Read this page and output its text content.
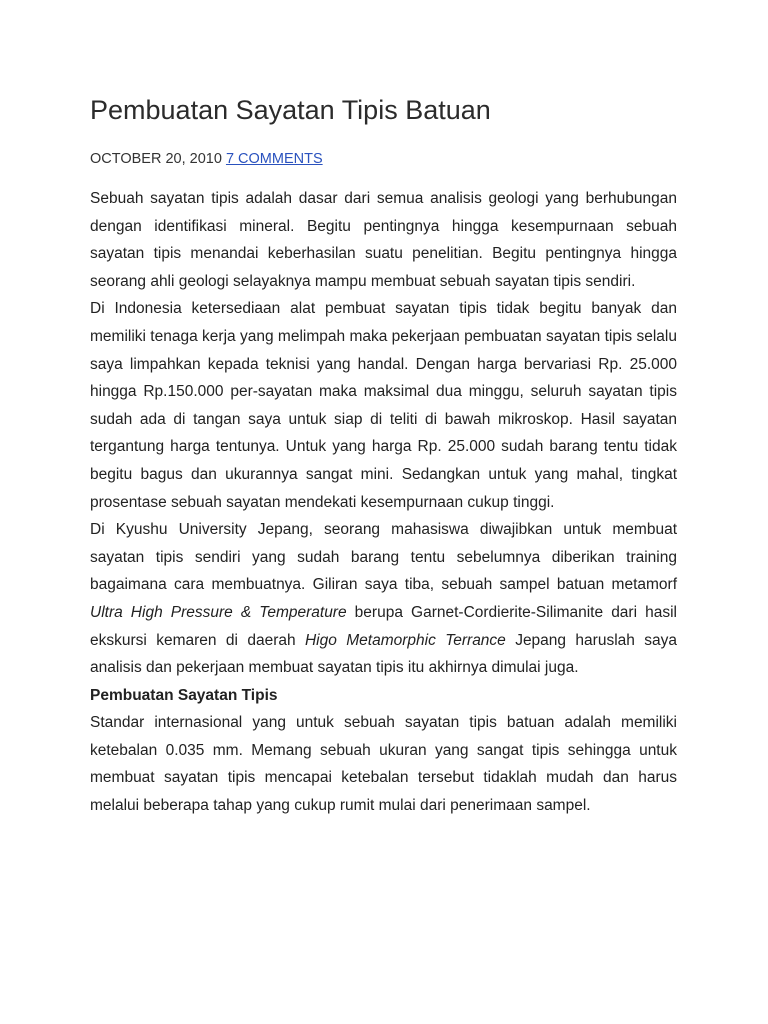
Pembuatan Sayatan Tipis Batuan
OCTOBER 20, 2010 7 COMMENTS

Sebuah sayatan tipis adalah dasar dari semua analisis geologi yang berhubungan dengan identifikasi mineral. Begitu pentingnya hingga kesempurnaan sebuah sayatan tipis menandai keberhasilan suatu penelitian. Begitu pentingnya hingga seorang ahli geologi selayaknya mampu membuat sebuah sayatan tipis sendiri.

Di Indonesia ketersediaan alat pembuat sayatan tipis tidak begitu banyak dan memiliki tenaga kerja yang melimpah maka pekerjaan pembuatan sayatan tipis selalu saya limpahkan kepada teknisi yang handal. Dengan harga bervariasi Rp. 25.000 hingga Rp.150.000 per-sayatan maka maksimal dua minggu, seluruh sayatan tipis sudah ada di tangan saya untuk siap di teliti di bawah mikroskop. Hasil sayatan tergantung harga tentunya. Untuk yang harga Rp. 25.000 sudah barang tentu tidak begitu bagus dan ukurannya sangat mini. Sedangkan untuk yang mahal, tingkat prosentase sebuah sayatan mendekati kesempurnaan cukup tinggi.

Di Kyushu University Jepang, seorang mahasiswa diwajibkan untuk membuat sayatan tipis sendiri yang sudah barang tentu sebelumnya diberikan training bagaimana cara membuatnya. Giliran saya tiba, sebuah sampel batuan metamorf Ultra High Pressure & Temperature berupa Garnet-Cordierite-Silimanite dari hasil ekskursi kemaren di daerah Higo Metamorphic Terrance Jepang haruslah saya analisis dan pekerjaan membuat sayatan tipis itu akhirnya dimulai juga.

Pembuatan Sayatan Tipis

Standar internasional yang untuk sebuah sayatan tipis batuan adalah memiliki ketebalan 0.035 mm. Memang sebuah ukuran yang sangat tipis sehingga untuk membuat sayatan tipis mencapai ketebalan tersebut tidaklah mudah dan harus melalui beberapa tahap yang cukup rumit mulai dari penerimaan sampel.
